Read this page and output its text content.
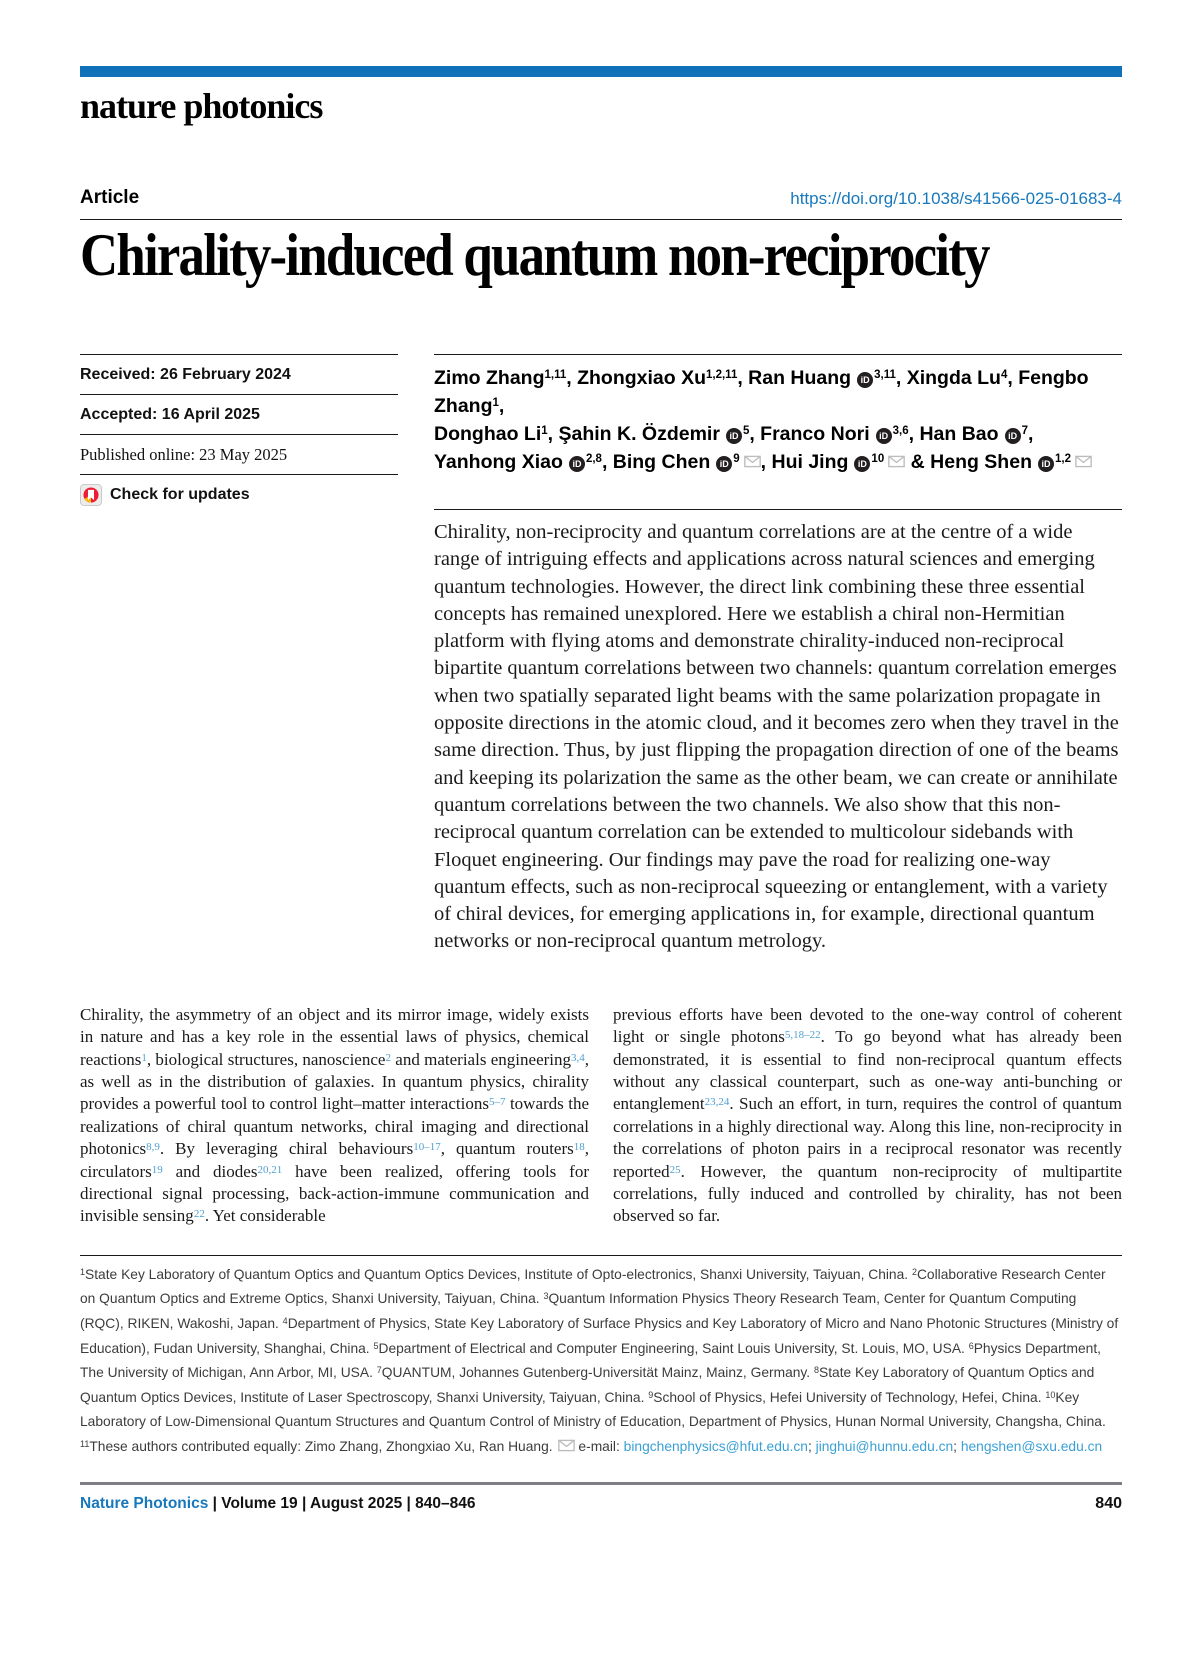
nature photonics
Article	https://doi.org/10.1038/s41566-025-01683-4
Chirality-induced quantum non-reciprocity
Received: 26 February 2024
Accepted: 16 April 2025
Published online: 23 May 2025
Check for updates
Zimo Zhang$^{1,11}$, Zhongxiao Xu$^{1,2,11}$, Ran Huang iD $^{3,11}$, Xingda Lu$^4$, Fengbo Zhang$^1$,
Donghao Li$^1$, Şahin K. Özdemir iD $^5$, Franco Nori iD $^{3,6}$, Han Bao iD $^7$,
Yanhong Xiao iD $^{2,8}$, Bing Chen iD $^9$ , Hui Jing iD $^{10}$ & Heng Shen iD $^{1,2}$
Chirality, non-reciprocity and quantum correlations are at the centre of a wide range of intriguing effects and applications across natural sciences and emerging quantum technologies. However, the direct link combining these three essential concepts has remained unexplored. Here we establish a chiral non-Hermitian platform with flying atoms and demonstrate chirality-induced non-reciprocal bipartite quantum correlations between two channels: quantum correlation emerges when two spatially separated light beams with the same polarization propagate in opposite directions in the atomic cloud, and it becomes zero when they travel in the same direction. Thus, by just flipping the propagation direction of one of the beams and keeping its polarization the same as the other beam, we can create or annihilate quantum correlations between the two channels. We also show that this non-reciprocal quantum correlation can be extended to multicolour sidebands with Floquet engineering. Our findings may pave the road for realizing one-way quantum effects, such as non-reciprocal squeezing or entanglement, with a variety of chiral devices, for emerging applications in, for example, directional quantum networks or non-reciprocal quantum metrology.
Chirality, the asymmetry of an object and its mirror image, widely exists in nature and has a key role in the essential laws of physics, chemical reactions$^1$, biological structures, nanoscience$^2$ and materials engineering$^{3,4}$, as well as in the distribution of galaxies. In quantum physics, chirality provides a powerful tool to control light–matter interactions$^{5-7}$ towards the realizations of chiral quantum networks, chiral imaging and directional photonics$^{8,9}$. By leveraging chiral behaviours$^{10-17}$, quantum routers$^{18}$, circulators$^{19}$ and diodes$^{20,21}$ have been realized, offering tools for directional signal processing, back-action-immune communication and invisible sensing$^{22}$. Yet considerable
previous efforts have been devoted to the one-way control of coherent light or single photons$^{5,18-22}$. To go beyond what has already been demonstrated, it is essential to find non-reciprocal quantum effects without any classical counterpart, such as one-way anti-bunching or entanglement$^{23,24}$. Such an effort, in turn, requires the control of quantum correlations in a highly directional way. Along this line, non-reciprocity in the correlations of photon pairs in a reciprocal resonator was recently reported$^{25}$. However, the quantum non-reciprocity of multipartite correlations, fully induced and controlled by chirality, has not been observed so far.
$^1$State Key Laboratory of Quantum Optics and Quantum Optics Devices, Institute of Opto-electronics, Shanxi University, Taiyuan, China. $^2$Collaborative Research Center on Quantum Optics and Extreme Optics, Shanxi University, Taiyuan, China. $^3$Quantum Information Physics Theory Research Team, Center for Quantum Computing (RQC), RIKEN, Wakoshi, Japan. $^4$Department of Physics, State Key Laboratory of Surface Physics and Key Laboratory of Micro and Nano Photonic Structures (Ministry of Education), Fudan University, Shanghai, China. $^5$Department of Electrical and Computer Engineering, Saint Louis University, St. Louis, MO, USA. $^6$Physics Department, The University of Michigan, Ann Arbor, MI, USA. $^7$QUANTUM, Johannes Gutenberg-Universität Mainz, Mainz, Germany. $^8$State Key Laboratory of Quantum Optics and Quantum Optics Devices, Institute of Laser Spectroscopy, Shanxi University, Taiyuan, China. $^9$School of Physics, Hefei University of Technology, Hefei, China. $^{10}$Key Laboratory of Low-Dimensional Quantum Structures and Quantum Control of Ministry of Education, Department of Physics, Hunan Normal University, Changsha, China. $^{11}$These authors contributed equally: Zimo Zhang, Zhongxiao Xu, Ran Huang. e-mail: bingchenphysics@hfut.edu.cn; jinghui@hunnu.edu.cn; hengshen@sxu.edu.cn
Nature Photonics | Volume 19 | August 2025 | 840–846	840
